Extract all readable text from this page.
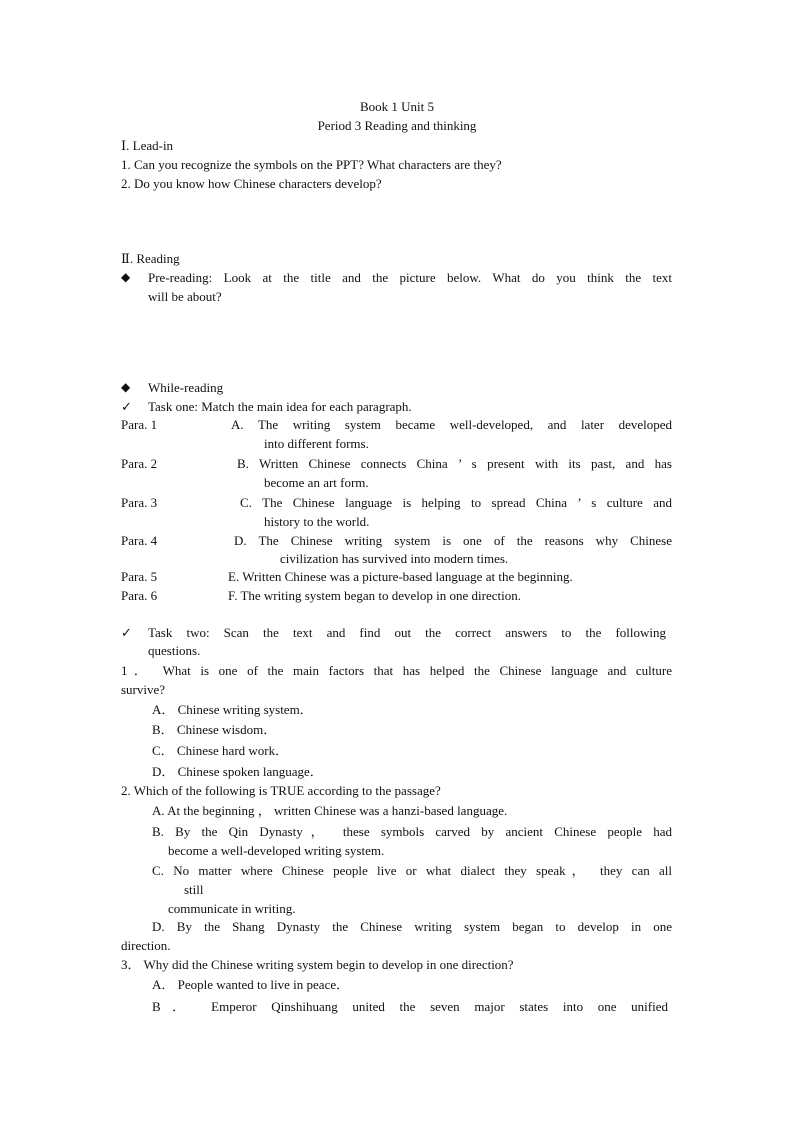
Book 1 Unit 5
Period 3 Reading and thinking
Ⅰ. Lead-in
1. Can you recognize the symbols on the PPT? What characters are they?
2. Do you know how Chinese characters develop?
Ⅱ. Reading
◆ Pre-reading: Look at the title and the picture below. What do you think the text
will be about?
◆ While-reading
✓ Task one: Match the main idea for each paragraph.
Para. 1	A. The writing system became well-developed, and later developed
into different forms.
Para. 2	B. Written Chinese connects China ’ s present with its past, and has
become an art form.
Para. 3	C. The Chinese language is helping to spread China ’ s culture and
history to the world.
Para. 4	D. The Chinese writing system is one of the reasons why Chinese
civilization has survived into modern times.
Para. 5	E. Written Chinese was a picture-based language at the beginning.
Para. 6	F. The writing system began to develop in one direction.
✓ Task two: Scan the text and find out the correct answers to the following
questions.
1． What is one of the main factors that has helped the Chinese language and culture
survive?
A． Chinese writing system．
B． Chinese wisdom．
C． Chinese hard work．
D． Chinese spoken language．
2. Which of the following is TRUE according to the passage?
A. At the beginning ， written Chinese was a hanzi-based language.
B. By the Qin Dynasty， these symbols carved by ancient Chinese people had
become a well-developed writing system.
C. No matter where Chinese people live or what dialect they speak， they can all
still
communicate in writing.
D. By the Shang Dynasty the Chinese writing system began to develop in one
direction.
3． Why did the Chinese writing system begin to develop in one direction?
A． People wanted to live in peace．
B． Emperor Qinshihuang united the seven major states into one unified
